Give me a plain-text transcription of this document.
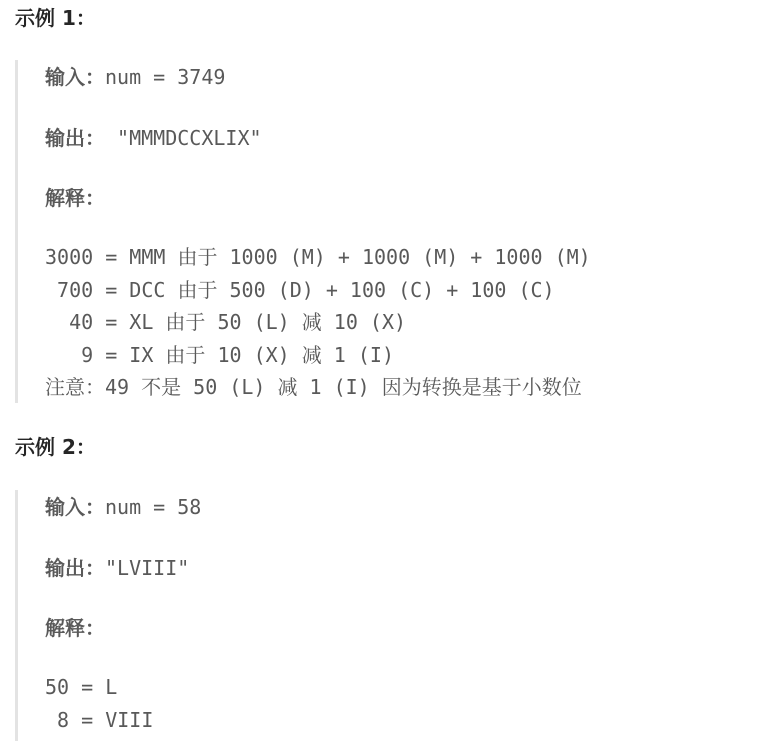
示例 1：
输入：num = 3749
输出： "MMMDCCXLIX"
解释：
3000 = MMM 由于 1000 (M) + 1000 (M) + 1000 (M)
700 = DCC 由于 500 (D) + 100 (C) + 100 (C)
40 = XL 由于 50 (L) 减 10 (X)
9 = IX 由于 10 (X) 减 1 (I)
注意：49 不是 50 (L) 减 1 (I) 因为转换是基于小数位
示例 2：
输入：num = 58
输出："LVIII"
解释：
50 = L
8 = VIII
